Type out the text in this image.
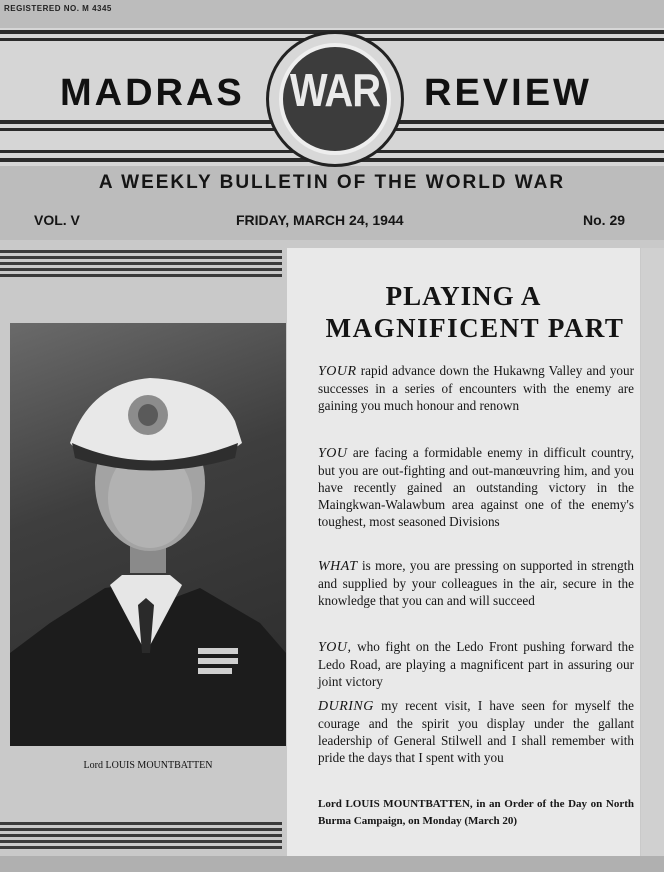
REGISTERED NO. M 4345
MADRAS	REVIEW
WAR
A WEEKLY BULLETIN OF THE WORLD WAR
VOL. V	FRIDAY, MARCH 24, 1944	No. 29
Lord LOUIS MOUNTBATTEN
PLAYING A
MAGNIFICENT PART
YOUR rapid advance down the Hukawng Valley and your successes in a series of encounters with the enemy are gaining you much honour and renown
YOU are facing a formidable enemy in difficult country, but you are out-fighting and out-manœuvring him, and you have recently gained an outstanding victory in the Maingkwan-Walawbum area against one of the enemy's toughest, most seasoned Divisions
WHAT is more, you are pressing on supported in strength and supplied by your colleagues in the air, secure in the knowledge that you can and will succeed
YOU, who fight on the Ledo Front pushing forward the Ledo Road, are playing a magnificent part in assuring our joint victory
DURING my recent visit, I have seen for myself the courage and the spirit you display under the gallant leadership of General Stilwell and I shall remember with pride the days that I spent with you
Lord LOUIS MOUNTBATTEN, in an Order of the Day on North Burma Campaign, on Monday (March 20)
